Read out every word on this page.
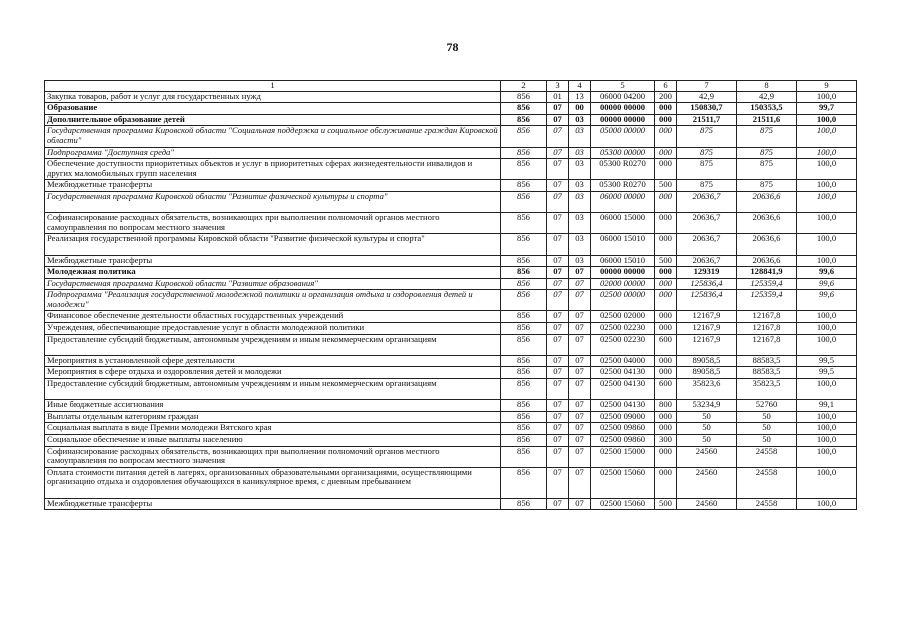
78
1	2	3	4	5	6	7	8	9
Закупка товаров, работ и услуг для государственных нужд	856	01	13	06000 04200	200	42,9	42,9	100,0
Образование	856	07	00	00000 00000	000	150830,7	150353,5	99,7
Дополнительное образование детей	856	07	03	00000 00000	000	21511,7	21511,6	100,0
Государственная программа Кировской области "Социальная поддержка и социальное обслуживание граждан Кировской области"	856	07	03	05000 00000	000	875	875	100,0
Подпрограмма "Доступная среда"	856	07	03	05300 00000	000	875	875	100,0
Обеспечение доступности приоритетных объектов и услуг в приоритетных сферах жизнедеятельности инвалидов и других маломобильных групп населения	856	07	03	05300 R0270	000	875	875	100,0
Межбюджетные трансферты	856	07	03	05300 R0270	500	875	875	100,0
Государственная программа Кировской области "Развитие физической культуры и спорта"	856	07	03	06000 00000	000	20636,7	20636,6	100,0
Софинансирование расходных обязательств, возникающих при выполнении полномочий органов местного самоуправления по вопросам местного значения	856	07	03	06000 15000	000	20636,7	20636,6	100,0
Реализация государственной программы Кировской области "Развитие физической культуры и спорта"	856	07	03	06000 15010	000	20636,7	20636,6	100,0
Межбюджетные трансферты	856	07	03	06000 15010	500	20636,7	20636,6	100,0
Молодежная политика	856	07	07	00000 00000	000	129319	128841,9	99,6
Государственная программа Кировской области "Развитие образования"	856	07	07	02000 00000	000	125836,4	125359,4	99,6
Подпрограмма "Реализация государственной молодежной политики и организация отдыха и оздоровления детей и молодежи"	856	07	07	02500 00000	000	125836,4	125359,4	99,6
Финансовое обеспечение деятельности областных государственных учреждений	856	07	07	02500 02000	000	12167,9	12167,8	100,0
Учреждения, обеспечивающие предоставление услуг в области молодежной политики	856	07	07	02500 02230	000	12167,9	12167,8	100,0
Предоставление субсидий бюджетным, автономным учреждениям и иным некоммерческим организациям	856	07	07	02500 02230	600	12167,9	12167,8	100,0
Мероприятия в установленной сфере деятельности	856	07	07	02500 04000	000	89058,5	88583,5	99,5
Мероприятия в сфере отдыха и оздоровления детей и молодежи	856	07	07	02500 04130	000	89058,5	88583,5	99,5
Предоставление субсидий бюджетным, автономным учреждениям и иным некоммерческим организациям	856	07	07	02500 04130	600	35823,6	35823,5	100,0
Иные бюджетные ассигнования	856	07	07	02500 04130	800	53234,9	52760	99,1
Выплаты отдельным категориям граждан	856	07	07	02500 09000	000	50	50	100,0
Социальная выплата в виде Премии молодежи Вятского края	856	07	07	02500 09860	000	50	50	100,0
Социальное обеспечение и иные выплаты населению	856	07	07	02500 09860	300	50	50	100,0
Софинансирование расходных обязательств, возникающих при выполнении полномочий органов местного самоуправления по вопросам местного значения	856	07	07	02500 15000	000	24560	24558	100,0
Оплата стоимости питания детей в лагерях, организованных образовательными организациями, осуществляющими организацию отдыха и оздоровления обучающихся в каникулярное время, с дневным пребыванием	856	07	07	02500 15060	000	24560	24558	100,0
Межбюджетные трансферты	856	07	07	02500 15060	500	24560	24558	100,0
